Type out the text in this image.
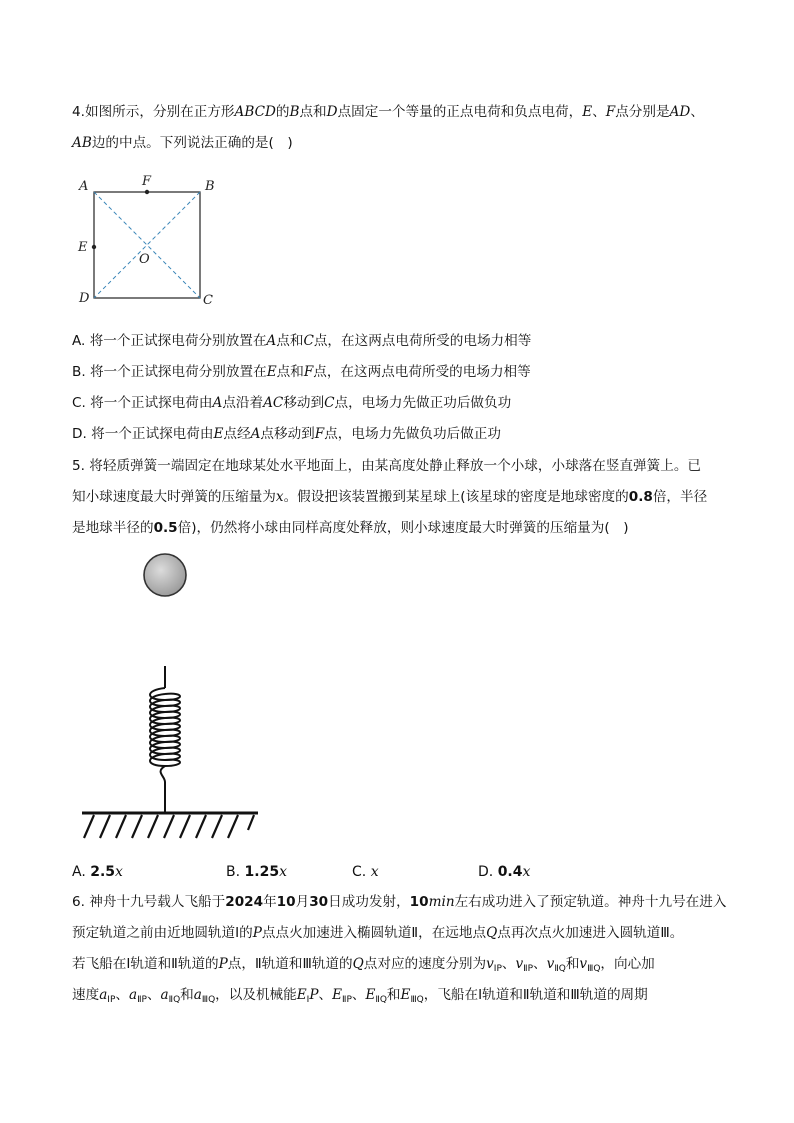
4.如图所示，分别在正方形ABCD的B点和D点固定一个等量的正点电荷和负点电荷，E、F点分别是AD、
AB边的中点。下列说法正确的是(　)
A	F	B
E
O
D	C
A. 将一个正试探电荷分别放置在A点和C点，在这两点电荷所受的电场力相等
B. 将一个正试探电荷分别放置在E点和F点，在这两点电荷所受的电场力相等
C. 将一个正试探电荷由A点沿着AC移动到C点，电场力先做正功后做负功
D. 将一个正试探电荷由E点经A点移动到F点，电场力先做负功后做正功
5. 将轻质弹簧一端固定在地球某处水平地面上，由某高度处静止释放一个小球，小球落在竖直弹簧上。已
知小球速度最大时弹簧的压缩量为x。假设把该装置搬到某星球上(该星球的密度是地球密度的0.8倍，半径
是地球半径的0.5倍)，仍然将小球由同样高度处释放，则小球速度最大时弹簧的压缩量为(　)
A. 2.5x	B. 1.25x	C. x	D. 0.4x
6. 神舟十九号载人飞船于2024年10月30日成功发射，10min左右成功进入了预定轨道。神舟十九号在进入
预定轨道之前由近地圆轨道Ⅰ的P点点火加速进入椭圆轨道Ⅱ，在远地点Q点再次点火加速进入圆轨道Ⅲ。
若飞船在Ⅰ轨道和Ⅱ轨道的P点，Ⅱ轨道和Ⅲ轨道的Q点对应的速度分别为$v_{ⅠP}$、$v_{ⅡP}$、$v_{ⅡQ}$和$v_{ⅢQ}$，向心加
速度$a_{ⅠP}$、$a_{ⅡP}$、$a_{ⅡQ}$和$a_{ⅢQ}$，以及机械能$E_ⅠP$、$E_{ⅡP}$、$E_{ⅡQ}$和$E_{ⅢQ}$，飞船在Ⅰ轨道和Ⅱ轨道和Ⅲ轨道的周期
